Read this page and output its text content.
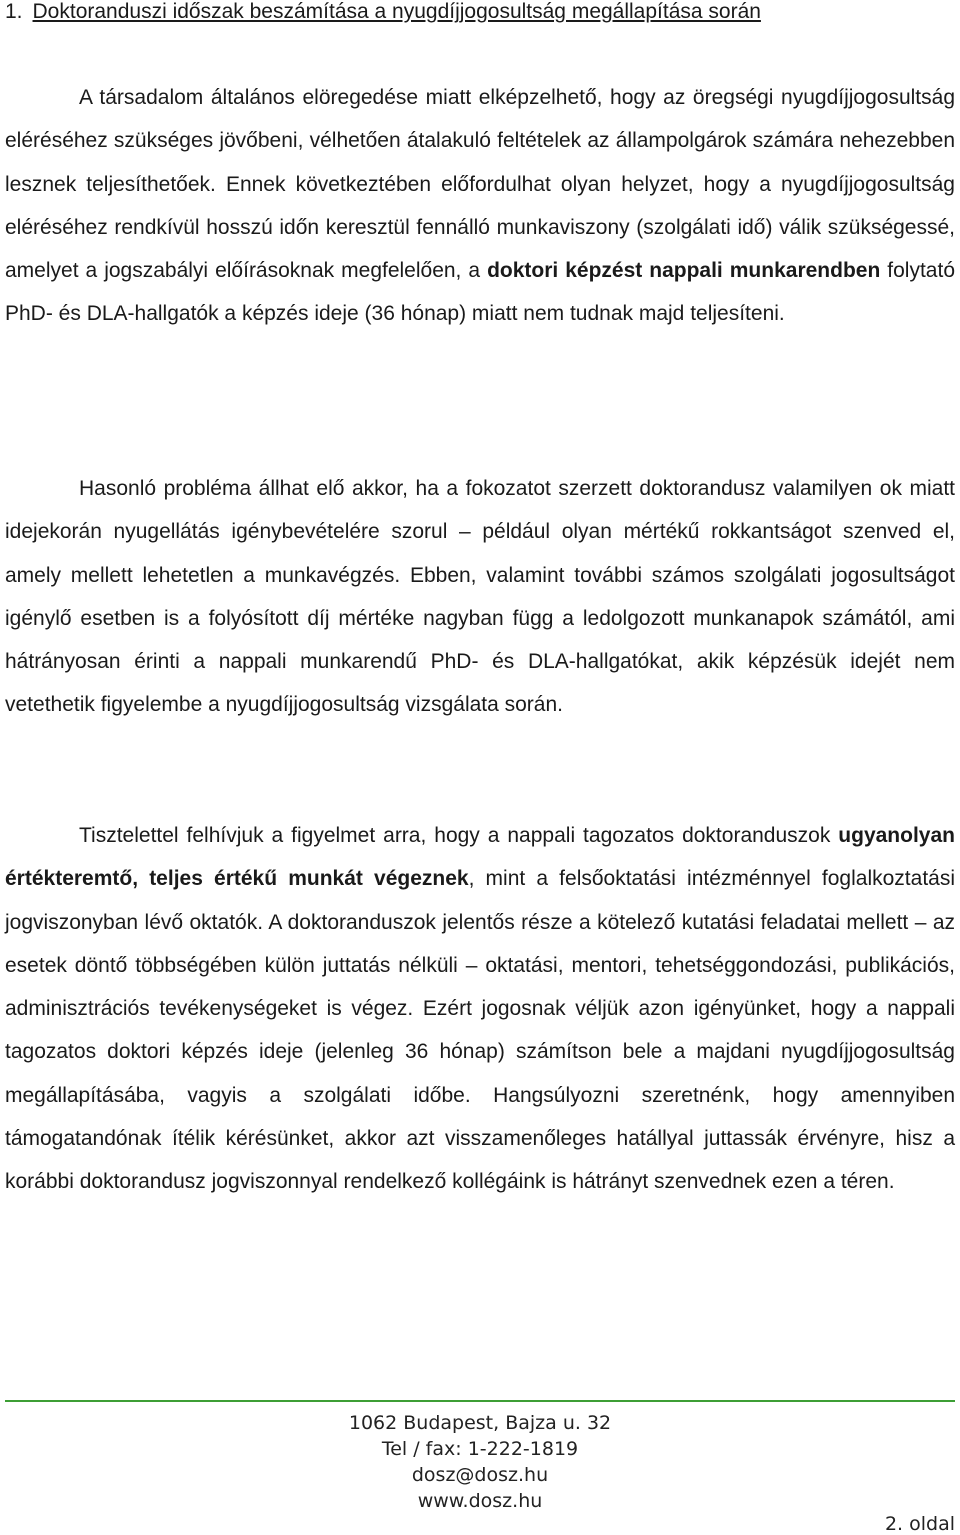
1. Doktoranduszi időszak beszámítása a nyugdíjjogosultság megállapítása során

A társadalom általános elöregedése miatt elképzelhető, hogy az öregségi nyugdíjjogosultság eléréséhez szükséges jövőbeni, vélhetően átalakuló feltételek az állampolgárok számára nehezebben lesznek teljesíthetőek. Ennek következtében előfordulhat olyan helyzet, hogy a nyugdíjjogosultság eléréséhez rendkívül hosszú időn keresztül fennálló munkaviszony (szolgálati idő) válik szükségessé, amelyet a jogszabályi előírásoknak megfelelően, a doktori képzést nappali munkarendben folytató PhD- és DLA-hallgatók a képzés ideje (36 hónap) miatt nem tudnak majd teljesíteni.

Hasonló probléma állhat elő akkor, ha a fokozatot szerzett doktorandusz valamilyen ok miatt idejekorán nyugellátás igénybevételére szorul – például olyan mértékű rokkantságot szenved el, amely mellett lehetetlen a munkavégzés. Ebben, valamint további számos szolgálati jogosultságot igénylő esetben is a folyósított díj mértéke nagyban függ a ledolgozott munkanapok számától, ami hátrányosan érinti a nappali munkarendű PhD- és DLA-hallgatókat, akik képzésük idejét nem vetethetik figyelembe a nyugdíjjogosultság vizsgálata során.

Tisztelettel felhívjuk a figyelmet arra, hogy a nappali tagozatos doktoranduszok ugyanolyan értékteremtő, teljes értékű munkát végeznek, mint a felsőoktatási intézménnyel foglalkoztatási jogviszonyban lévő oktatók. A doktoranduszok jelentős része a kötelező kutatási feladatai mellett – az esetek döntő többségében külön juttatás nélküli – oktatási, mentori, tehetséggondozási, publikációs, adminisztrációs tevékenységeket is végez. Ezért jogosnak véljük azon igényünket, hogy a nappali tagozatos doktori képzés ideje (jelenleg 36 hónap) számítson bele a majdani nyugdíjjogosultság megállapításába, vagyis a szolgálati időbe. Hangsúlyozni szeretnénk, hogy amennyiben támogatandónak ítélik kérésünket, akkor azt visszamenőleges hatállyal juttassák érvényre, hisz a korábbi doktorandusz jogviszonnyal rendelkező kollégáink is hátrányt szenvednek ezen a téren.

1062 Budapest, Bajza u. 32
Tel / fax: 1-222-1819
dosz@dosz.hu
www.dosz.hu
2. oldal
